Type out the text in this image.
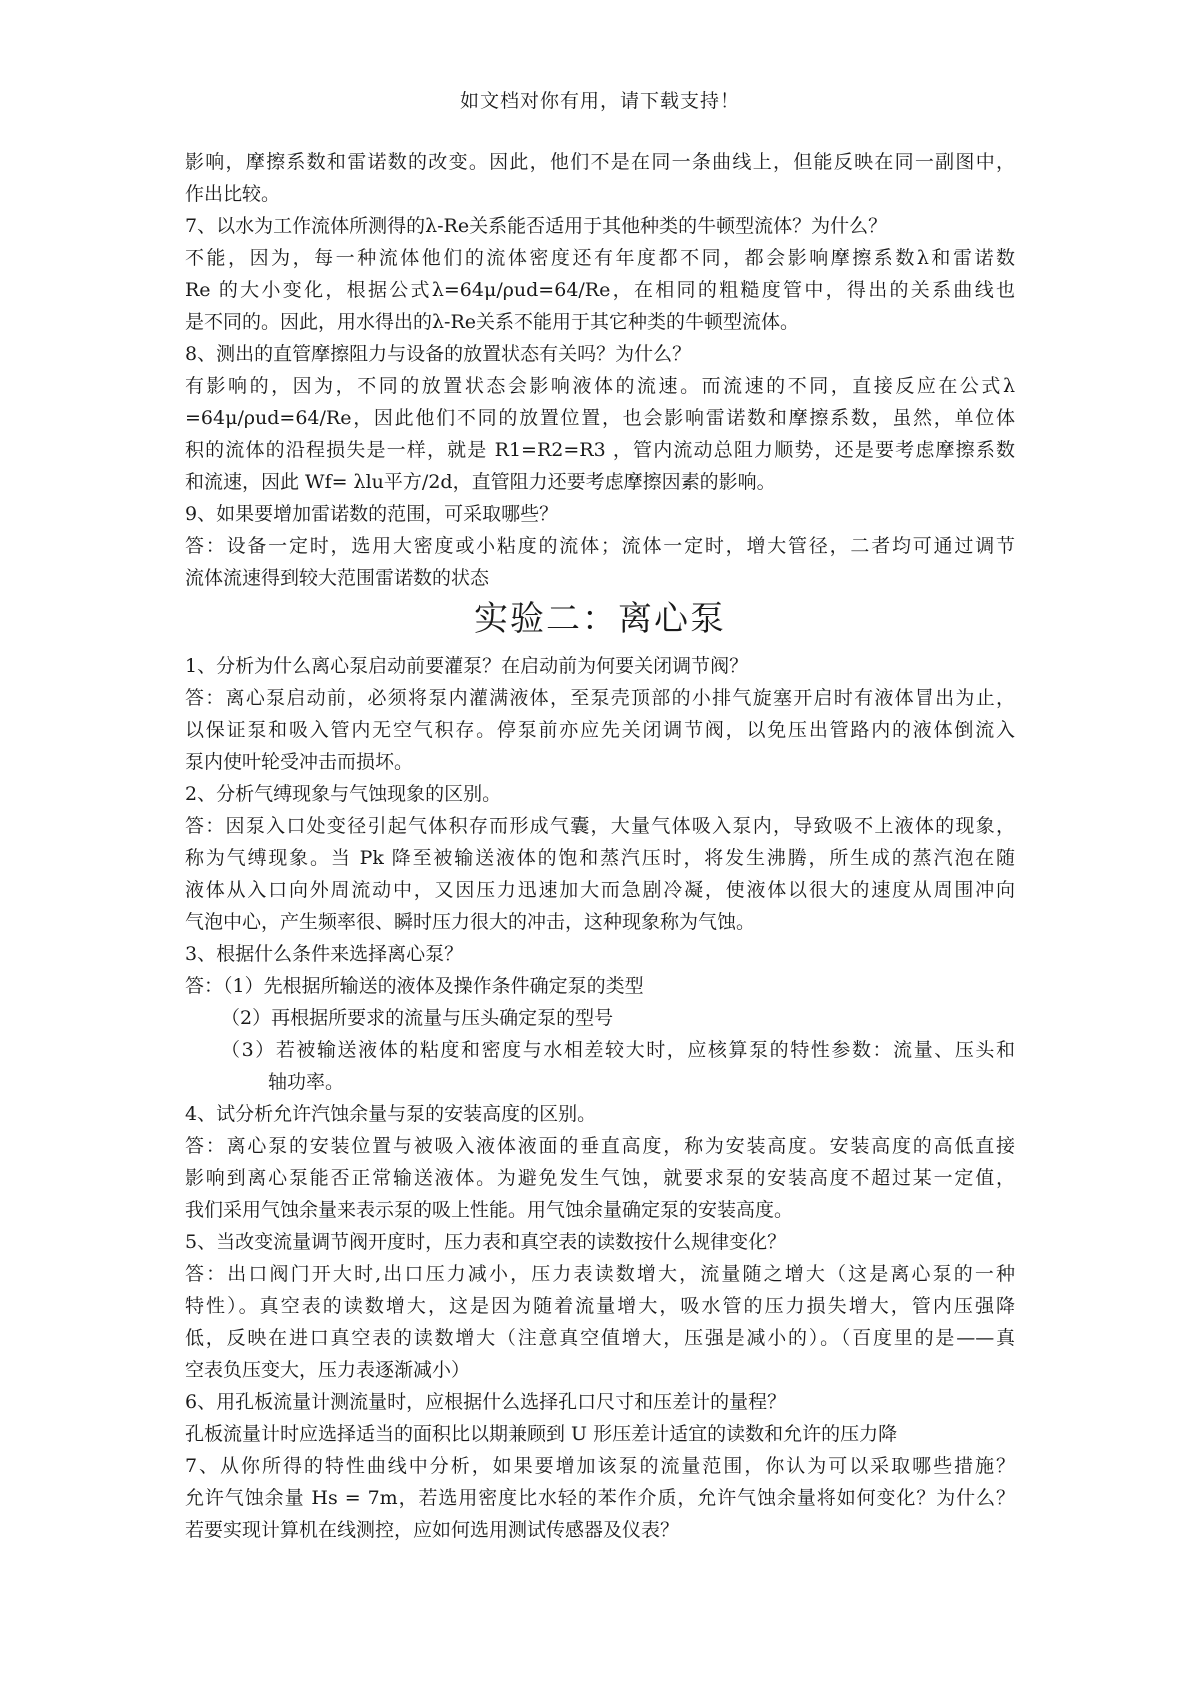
如文档对你有用，请下载支持！
影响，摩擦系数和雷诺数的改变。因此，他们不是在同一条曲线上，但能反映在同一副图中，
作出比较。
7、以水为工作流体所测得的λ-Re关系能否适用于其他种类的牛顿型流体？为什么？
不能，因为，每一种流体他们的流体密度还有年度都不同，都会影响摩擦系数λ和雷诺数
Re 的大小变化，根据公式λ=64μ/ρud=64/Re，在相同的粗糙度管中，得出的关系曲线也
是不同的。因此，用水得出的λ-Re关系不能用于其它种类的牛顿型流体。
8、测出的直管摩擦阻力与设备的放置状态有关吗？为什么？
有影响的，因为，不同的放置状态会影响液体的流速。而流速的不同，直接反应在公式λ
=64μ/ρud=64/Re，因此他们不同的放置位置，也会影响雷诺数和摩擦系数，虽然，单位体
积的流体的沿程损失是一样，就是 R1=R2=R3 ，管内流动总阻力顺势，还是要考虑摩擦系数
和流速，因此 Wf= λlu平方/2d，直管阻力还要考虑摩擦因素的影响。
9、如果要增加雷诺数的范围，可采取哪些？
答：设备一定时，选用大密度或小粘度的流体；流体一定时，增大管径，二者均可通过调节
流体流速得到较大范围雷诺数的状态
实验二：离心泵
1、分析为什么离心泵启动前要灌泵？在启动前为何要关闭调节阀？
答：离心泵启动前，必须将泵内灌满液体，至泵壳顶部的小排气旋塞开启时有液体冒出为止，
以保证泵和吸入管内无空气积存。停泵前亦应先关闭调节阀，以免压出管路内的液体倒流入
泵内使叶轮受冲击而损坏。
2、分析气缚现象与气蚀现象的区别。
答：因泵入口处变径引起气体积存而形成气囊，大量气体吸入泵内，导致吸不上液体的现象，
称为气缚现象。当 Pk 降至被输送液体的饱和蒸汽压时，将发生沸腾，所生成的蒸汽泡在随
液体从入口向外周流动中，又因压力迅速加大而急剧冷凝，使液体以很大的速度从周围冲向
气泡中心，产生频率很、瞬时压力很大的冲击，这种现象称为气蚀。
3、根据什么条件来选择离心泵？
答：（1）先根据所输送的液体及操作条件确定泵的类型
（2）再根据所要求的流量与压头确定泵的型号
（3）若被输送液体的粘度和密度与水相差较大时，应核算泵的特性参数：流量、压头和
轴功率。
4、试分析允许汽蚀余量与泵的安装高度的区别。
答：离心泵的安装位置与被吸入液体液面的垂直高度，称为安装高度。安装高度的高低直接
影响到离心泵能否正常输送液体。为避免发生气蚀，就要求泵的安装高度不超过某一定值，
我们采用气蚀余量来表示泵的吸上性能。用气蚀余量确定泵的安装高度。
5、当改变流量调节阀开度时，压力表和真空表的读数按什么规律变化？
答：出口阀门开大时,出口压力减小，压力表读数增大，流量随之增大（这是离心泵的一种
特性）。真空表的读数增大，这是因为随着流量增大，吸水管的压力损失增大，管内压强降
低，反映在进口真空表的读数增大（注意真空值增大，压强是减小的）。（百度里的是——真
空表负压变大，压力表逐渐减小）
6、用孔板流量计测流量时，应根据什么选择孔口尺寸和压差计的量程？
孔板流量计时应选择适当的面积比以期兼顾到 U 形压差计适宜的读数和允许的压力降
7、从你所得的特性曲线中分析，如果要增加该泵的流量范围，你认为可以采取哪些措施？
允许气蚀余量 Hs = 7m，若选用密度比水轻的苯作介质，允许气蚀余量将如何变化？为什么？
若要实现计算机在线测控，应如何选用测试传感器及仪表？
